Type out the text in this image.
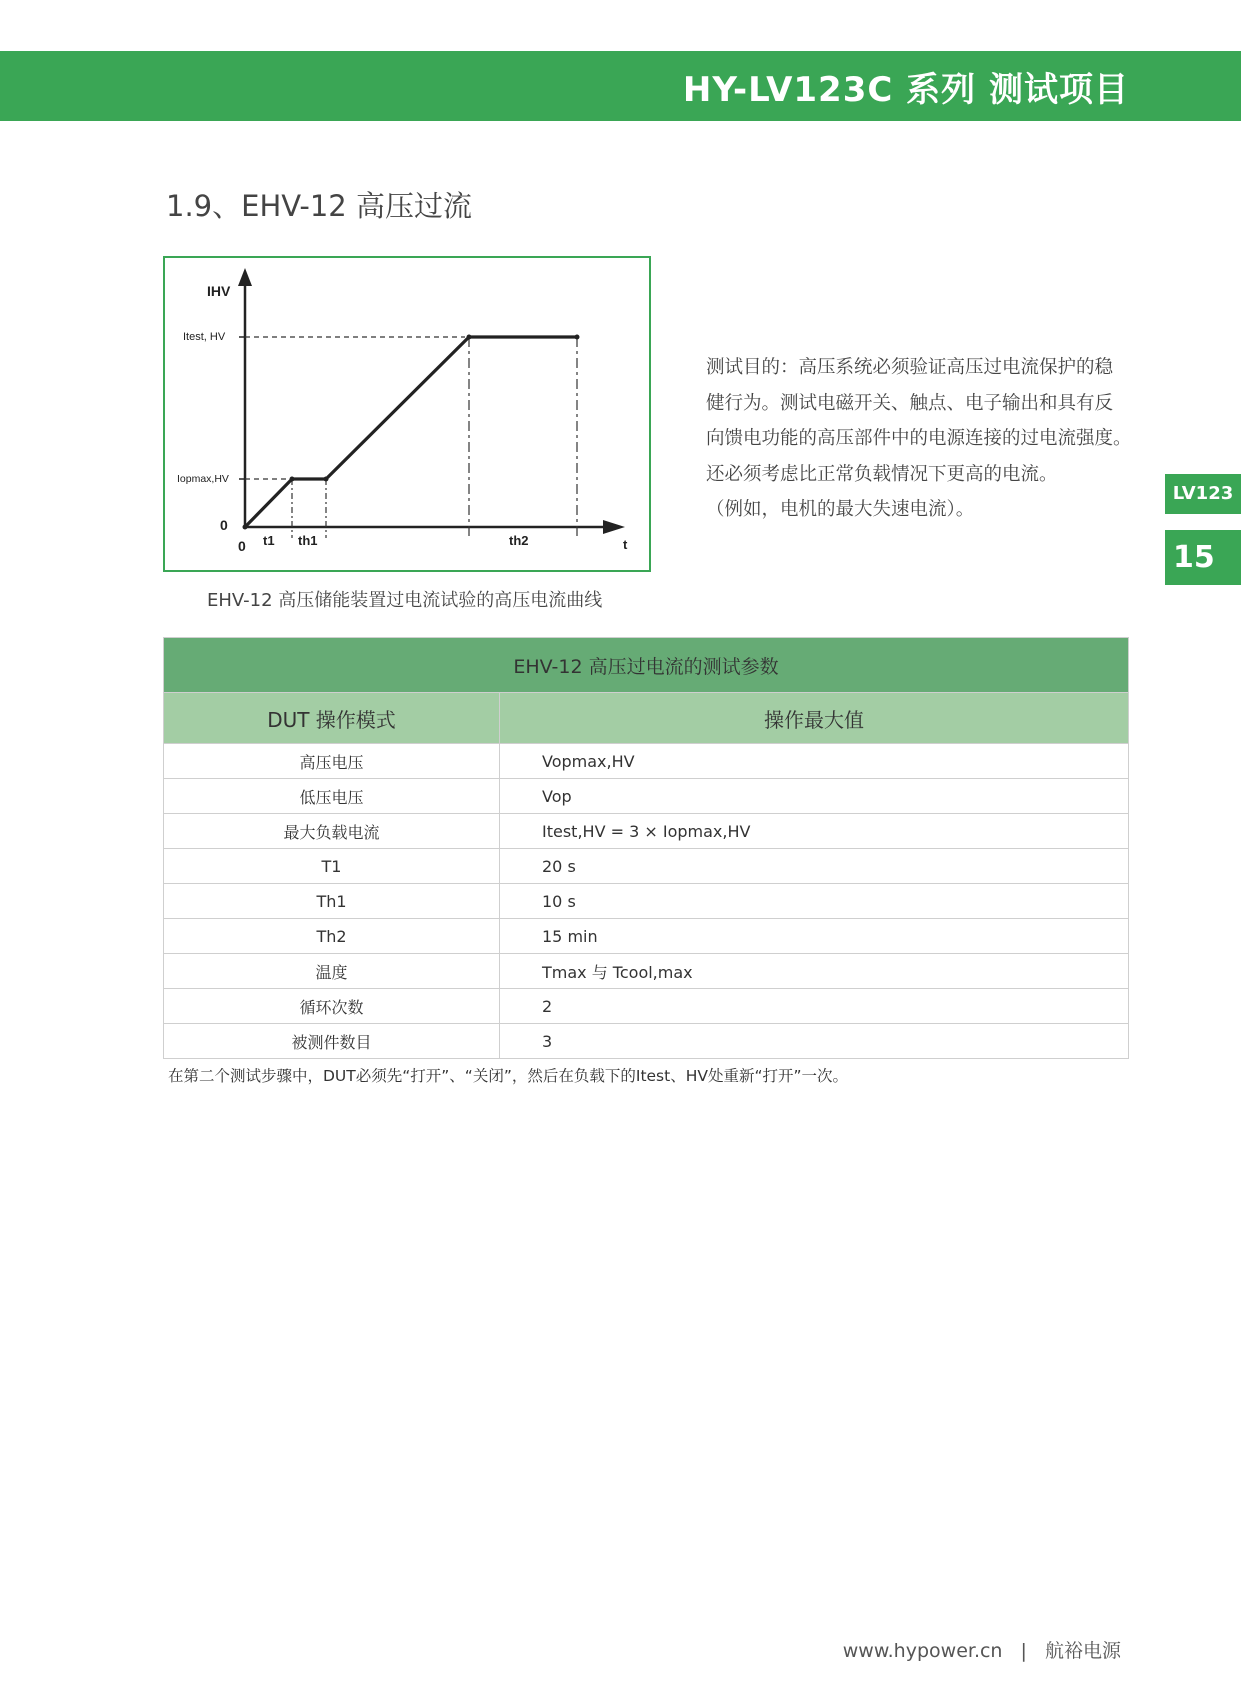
HY-LV123C 系列 测试项目
1.9、EHV-12 高压过流
IHV
Itest, HV
Iopmax,HV
0
0 t1 th1	th2	t
EHV-12 高压储能装置过电流试验的高压电流曲线

测试目的：高压系统必须验证高压过电流保护的稳

健行为。测试电磁开关、触点、电子输出和具有反

向馈电功能的高压部件中的电源连接的过电流强度。

还必须考虑比正常负载情况下更高的电流。

（例如，电机的最大失速电流）。

LV123
15
EHV-12 高压过电流的测试参数	
DUT 操作模式	操作最大值
高压电压	Vopmax,HV
低压电压	Vop
最大负载电流	Itest,HV = 3 × Iopmax,HV
T1	20 s
Th1	10 s
Th2	15 min
温度	Tmax 与 Tcool,max
循环次数	2
被测件数目	3
在第二个测试步骤中，DUT必须先“打开”、“关闭”，然后在负载下的Itest、HV处重新“打开”一次。
www.hypower.cn | 航裕电源
